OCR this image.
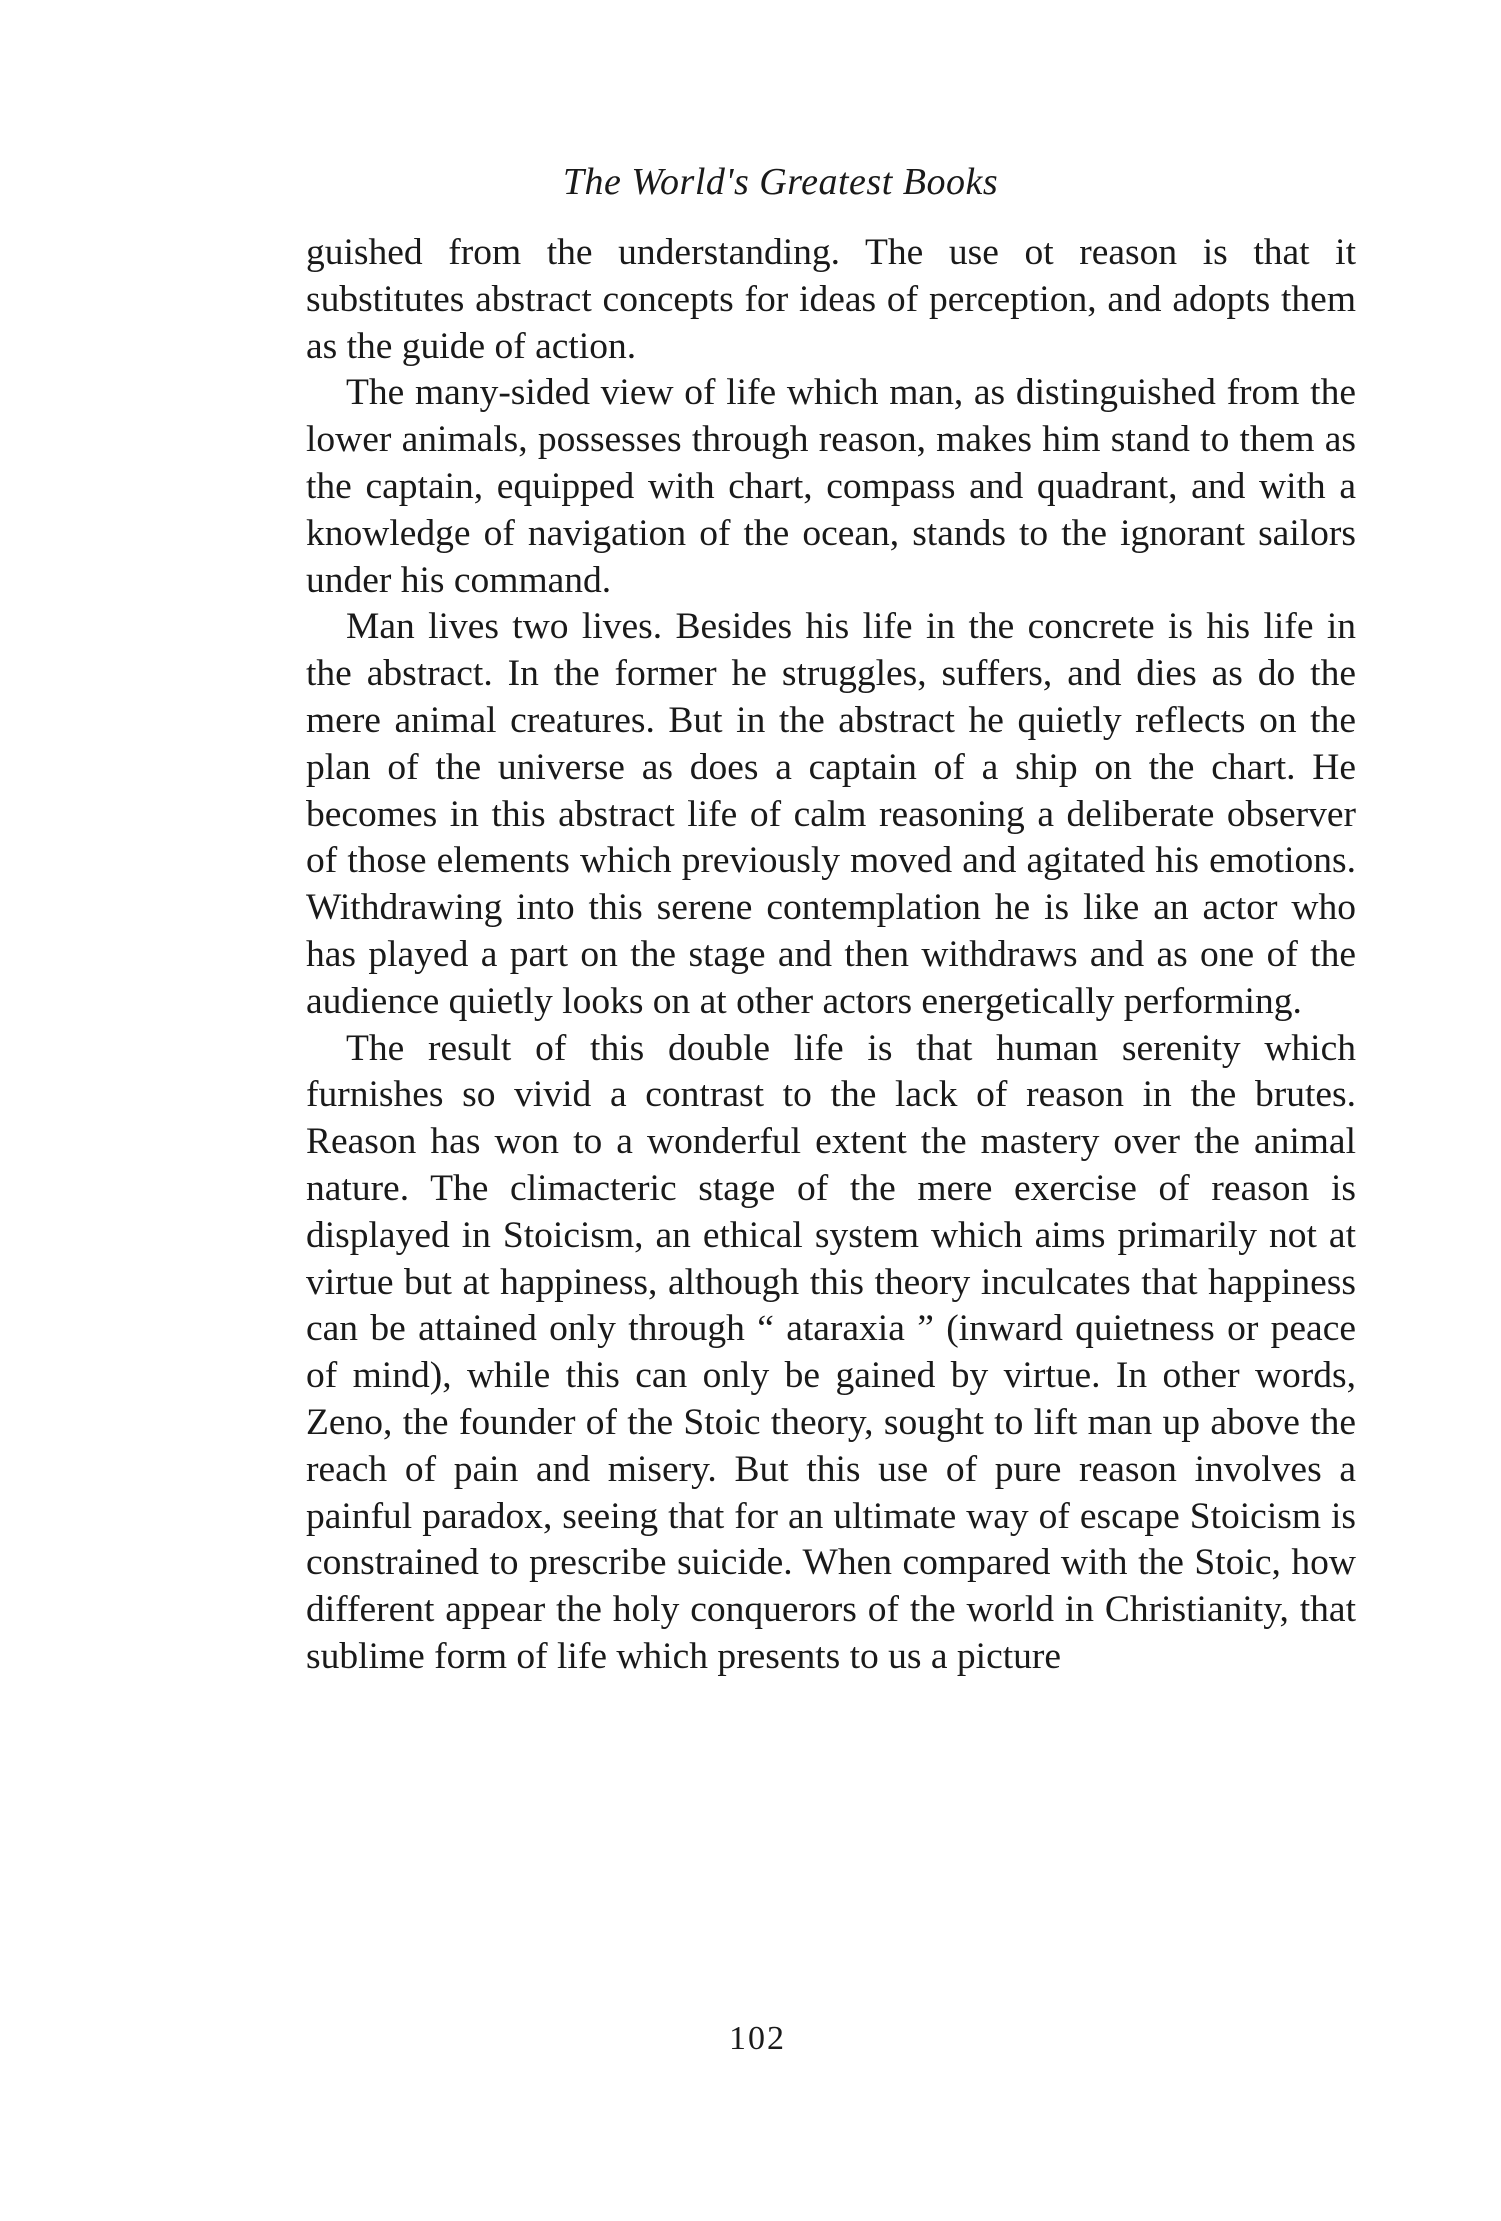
The World's Greatest Books

guished from the understanding. The use ot reason is that it substitutes abstract concepts for ideas of perception, and adopts them as the guide of action.

The many-sided view of life which man, as distinguished from the lower animals, possesses through reason, makes him stand to them as the captain, equipped with chart, compass and quadrant, and with a knowledge of navigation of the ocean, stands to the ignorant sailors under his command.

Man lives two lives. Besides his life in the concrete is his life in the abstract. In the former he struggles, suffers, and dies as do the mere animal creatures. But in the abstract he quietly reflects on the plan of the universe as does a captain of a ship on the chart. He becomes in this abstract life of calm reasoning a deliberate observer of those elements which previously moved and agitated his emotions. Withdrawing into this serene contemplation he is like an actor who has played a part on the stage and then withdraws and as one of the audience quietly looks on at other actors energetically performing.

The result of this double life is that human serenity which furnishes so vivid a contrast to the lack of reason in the brutes. Reason has won to a wonderful extent the mastery over the animal nature. The climacteric stage of the mere exercise of reason is displayed in Stoicism, an ethical system which aims primarily not at virtue but at happiness, although this theory inculcates that happiness can be attained only through “ ataraxia ” (inward quietness or peace of mind), while this can only be gained by virtue. In other words, Zeno, the founder of the Stoic theory, sought to lift man up above the reach of pain and misery. But this use of pure reason involves a painful paradox, seeing that for an ultimate way of escape Stoicism is constrained to prescribe suicide. When compared with the Stoic, how different appear the holy conquerors of the world in Christianity, that sublime form of life which presents to us a picture

102
